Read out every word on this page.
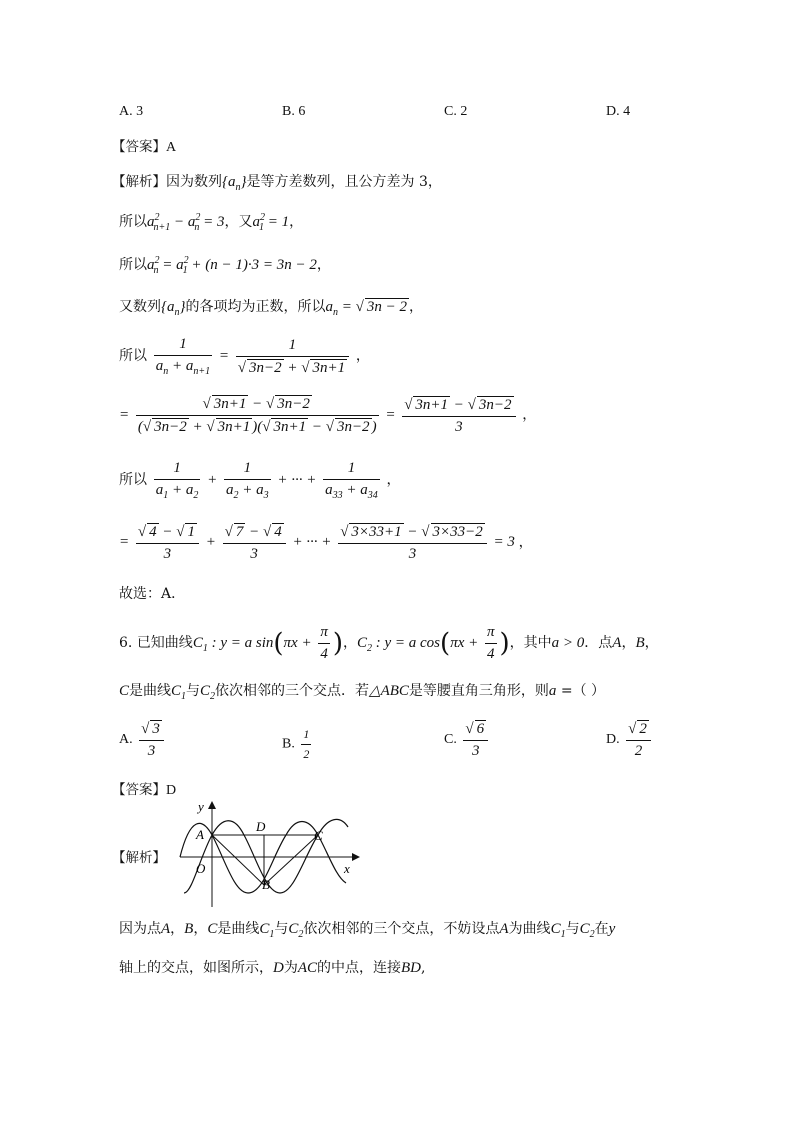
A. 3	B. 6	C. 2	D. 4
【答案】A
【解析】因为数列$\{a_n\}$是等方差数列，且公方差为 3，
所以$a^2_{n+1} - a^2_n = 3$，又$a^2_1 = 1$，
所以$a^2_n = a^2_1 + (n - 1)\cdot 3 = 3n - 2$，
又数列$\{a_n\}$的各项均为正数，所以$a_n$ = √ 3n − 2 ，
所以 $\frac{1}{a_n + a_{n+1}} = \frac{1}{√ 3n-2 + √ 3n+1}$ ，
= $\frac{√ 3n+1 - √ 3n-2}{(√ 3n-2 + √ 3n+1 )(√ 3n+1 - √ 3n-2 )} = \frac{√ 3n+1 - √ 3n-2}{3}$ ，
所以 $\frac{1}{a_1 + a_2} + \frac{1}{a_2 + a_3}$ + ··· + $\frac{1}{a_{33} + a_{34}}$ ，
= $\frac{√ 4 - √ 1}{3} + \frac{√ 7 - √ 4}{3}$ + ··· + $\frac{√ 3\times 33+1 - √ 3\times 33-2}{3} = 3$ ，
故选：A．
6. 已知曲线$C_1$ : y = a $\sin(\pi x + \frac{\pi}{4}$ )，$C_2$ : y = a $\cos(\pi x + \frac{\pi}{4}$ )，其中a > 0．点A，B，
C是曲线$C_1$与$C_2$依次相邻的三个交点．若△ABC是等腰直角三角形，则a =（ ）
A. $\frac{√ 3}{3}$	B. $\frac{1}{2}$	C. $\frac{√ 6}{3}$	D. $\frac{√ 2}{2}$
【答案】D
【解析】
A
D
C
B
O	x
y
因为点A，B，C是曲线$C_1$与$C_2$依次相邻的三个交点，不妨设点A为曲线$C_1$与$C_2$在y
轴上的交点，如图所示，D为AC的中点，连接BD,
